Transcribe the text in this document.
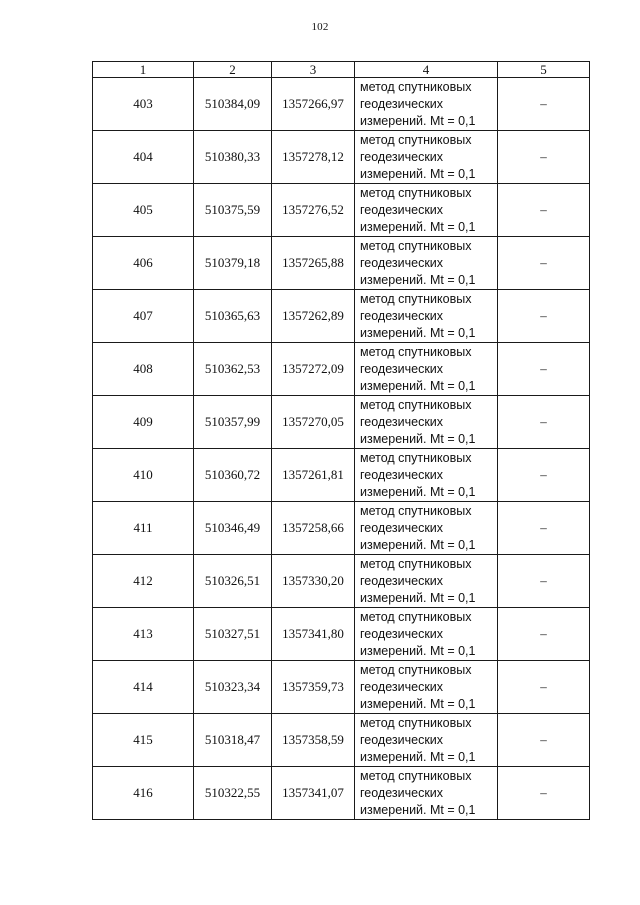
102
1	2	3	4	5
403	510384,09	1357266,97	метод спутниковых
геодезических
измерений. Mt = 0,1	–
404	510380,33	1357278,12	метод спутниковых
геодезических
измерений. Mt = 0,1	–
405	510375,59	1357276,52	метод спутниковых
геодезических
измерений. Mt = 0,1	–
406	510379,18	1357265,88	метод спутниковых
геодезических
измерений. Mt = 0,1	–
407	510365,63	1357262,89	метод спутниковых
геодезических
измерений. Mt = 0,1	–
408	510362,53	1357272,09	метод спутниковых
геодезических
измерений. Mt = 0,1	–
409	510357,99	1357270,05	метод спутниковых
геодезических
измерений. Mt = 0,1	–
410	510360,72	1357261,81	метод спутниковых
геодезических
измерений. Mt = 0,1	–
411	510346,49	1357258,66	метод спутниковых
геодезических
измерений. Mt = 0,1	–
412	510326,51	1357330,20	метод спутниковых
геодезических
измерений. Mt = 0,1	–
413	510327,51	1357341,80	метод спутниковых
геодезических
измерений. Mt = 0,1	–
414	510323,34	1357359,73	метод спутниковых
геодезических
измерений. Mt = 0,1	–
415	510318,47	1357358,59	метод спутниковых
геодезических
измерений. Mt = 0,1	–
416	510322,55	1357341,07	метод спутниковых
геодезических
измерений. Mt = 0,1	–
